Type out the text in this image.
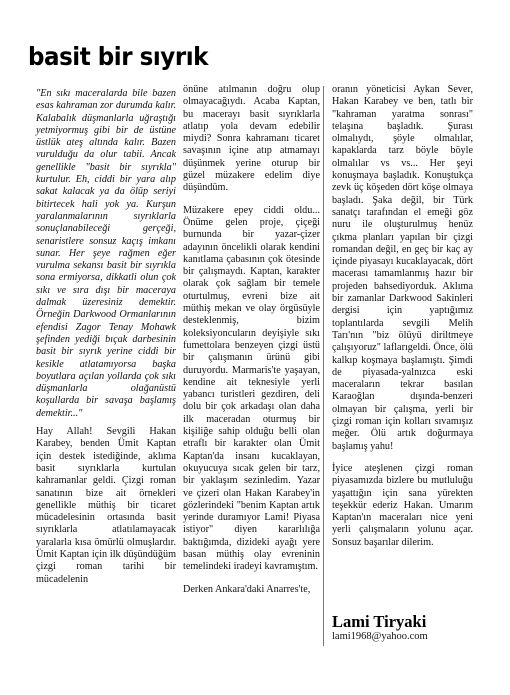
basit bir sıyrık

"En sıkı maceralarda bile bazen esas kahraman zor durumda kalır. Kalabalık düşmanlarla uğraştığı yetmiyormuş gibi bir de üstüne üstlük ateş altında kalır. Bazen vurulduğu da olur tabii. Ancak genellikle "basit bir sıyrıkla" kurtulur. Eh, ciddi bir yara alıp sakat kalacak ya da ölüp seriyi bitirtecek hali yok ya. Kurşun yaralanmalarının sıyrıklarla sonuçlanabileceği gerçeği, senaristlere sonsuz kaçış imkanı sunar. Her şeye rağmen eğer vurulma sekansı basit bir sıyrıkla sona ermiyorsa, dikkatli olun çok sıkı ve sıra dışı bir maceraya dalmak üzeresiniz demektir. Örneğin Darkwood Ormanlarının efendisi Zagor Tenay Mohawk şefinden yediği bıçak darbesinin basit bir sıyrık yerine ciddi bir kesikle atlatamıyorsa başka boyutlara açılan yollarda çok sıkı düşmanlarla olağanüstü koşullarda bir savaşa başlamış demektir..."

Hay Allah! Sevgili Hakan Karabey, benden Ümit Kaptan için destek istediğinde, aklıma basit sıyrıklarla kurtulan kahramanlar geldi. Çizgi roman sanatının bize ait örnekleri genellikle müthiş bir ticaret mücadelesinin ortasında basit sıyrıklarla atlatılamayacak yaralarla kısa ömürlü olmuşlardır. Ümit Kaptan için ilk düşündüğüm çizgi roman tarihi bir mücadelenin

önüne atılmanın doğru olup olmayacağıydı. Acaba Kaptan, bu macerayı basit sıyrıklarla atlatıp yola devam edebilir miydi? Sonra kahramanı ticaret savaşının içine atıp atmamayı düşünmek yerine oturup bir güzel müzakere edelim diye düşündüm.

Müzakere epey ciddi oldu... Önüme gelen proje, çiçeği burnunda bir yazar-çizer adayının öncelikli olarak kendini kanıtlama çabasının çok ötesinde bir çalışmaydı. Kaptan, karakter olarak çok sağlam bir temele oturtulmuş, evreni bize ait müthiş mekan ve olay örgüsüyle desteklenmiş, bizim koleksiyoncuların deyişiyle sıkı fumettolara benzeyen çizgi üstü bir çalışmanın ürünü gibi duruyordu. Marmaris'te yaşayan, kendine ait teknesiyle yerli yabancı turistleri gezdiren, deli dolu bir çok arkadaşı olan daha ilk maceradan oturmuş bir kişiliğe sahip olduğu belli olan etraflı bir karakter olan Ümit Kaptan'da insanı kucaklayan, okuyucuya sıcak gelen bir tarz, bir yaklaşım sezinledim. Yazar ve çizeri olan Hakan Karabey'in gözlerindeki "benim Kaptan artık yerinde duramıyor Lami! Piyasa istiyor" diyen kararlılığa baktığımda, dizideki ayağı yere basan müthiş olay evreninin temelindeki iradeyi kavramıştım.

Derken Ankara'daki Anarres'te,

oranın yöneticisi Aykan Sever, Hakan Karabey ve ben, tatlı bir "kahraman yaratma sonrası" telaşına başladık. Şurası olmalıydı, şöyle olmalılar, kapaklarda tarz böyle böyle olmalılar vs vs... Her şeyi konuşmaya başladık. Konuştukça zevk üç köşeden dört köşe olmaya başladı. Şaka değil, bir Türk sanatçı tarafından el emeği göz nuru ile oluşturulmuş henüz çıkma planları yapılan bir çizgi romandan değil, en geç bir kaç ay içinde piyasayı kucaklayacak, dört macerası tamamlanmış hazır bir projeden bahsediyorduk. Aklıma bir zamanlar Darkwood Sakinleri dergisi için yaptığımız toplantılarda sevgili Melih Tarı'nın "biz ölüyü diriltmeye çalışıyoruz" laflarıgeldi. Önce, ölü kalkıp koşmaya başlamıştı. Şimdi de piyasada-yalnızca eski maceraların tekrar basılan Karaoğlan dışında-benzeri olmayan bir çalışma, yerli bir çizgi roman için kolları sıvamışız meğer. Ölü artık doğurmaya başlamış yahu!

İyice ateşlenen çizgi roman piyasamızda bizlere bu mutluluğu yaşattığın için sana yürekten teşekkür ederiz Hakan. Umarım Kaptan'ın maceraları nice yeni yerli çalışmaların yolunu açar. Sonsuz başarılar dilerim.

Lami Tiryaki
lami1968@yahoo.com
